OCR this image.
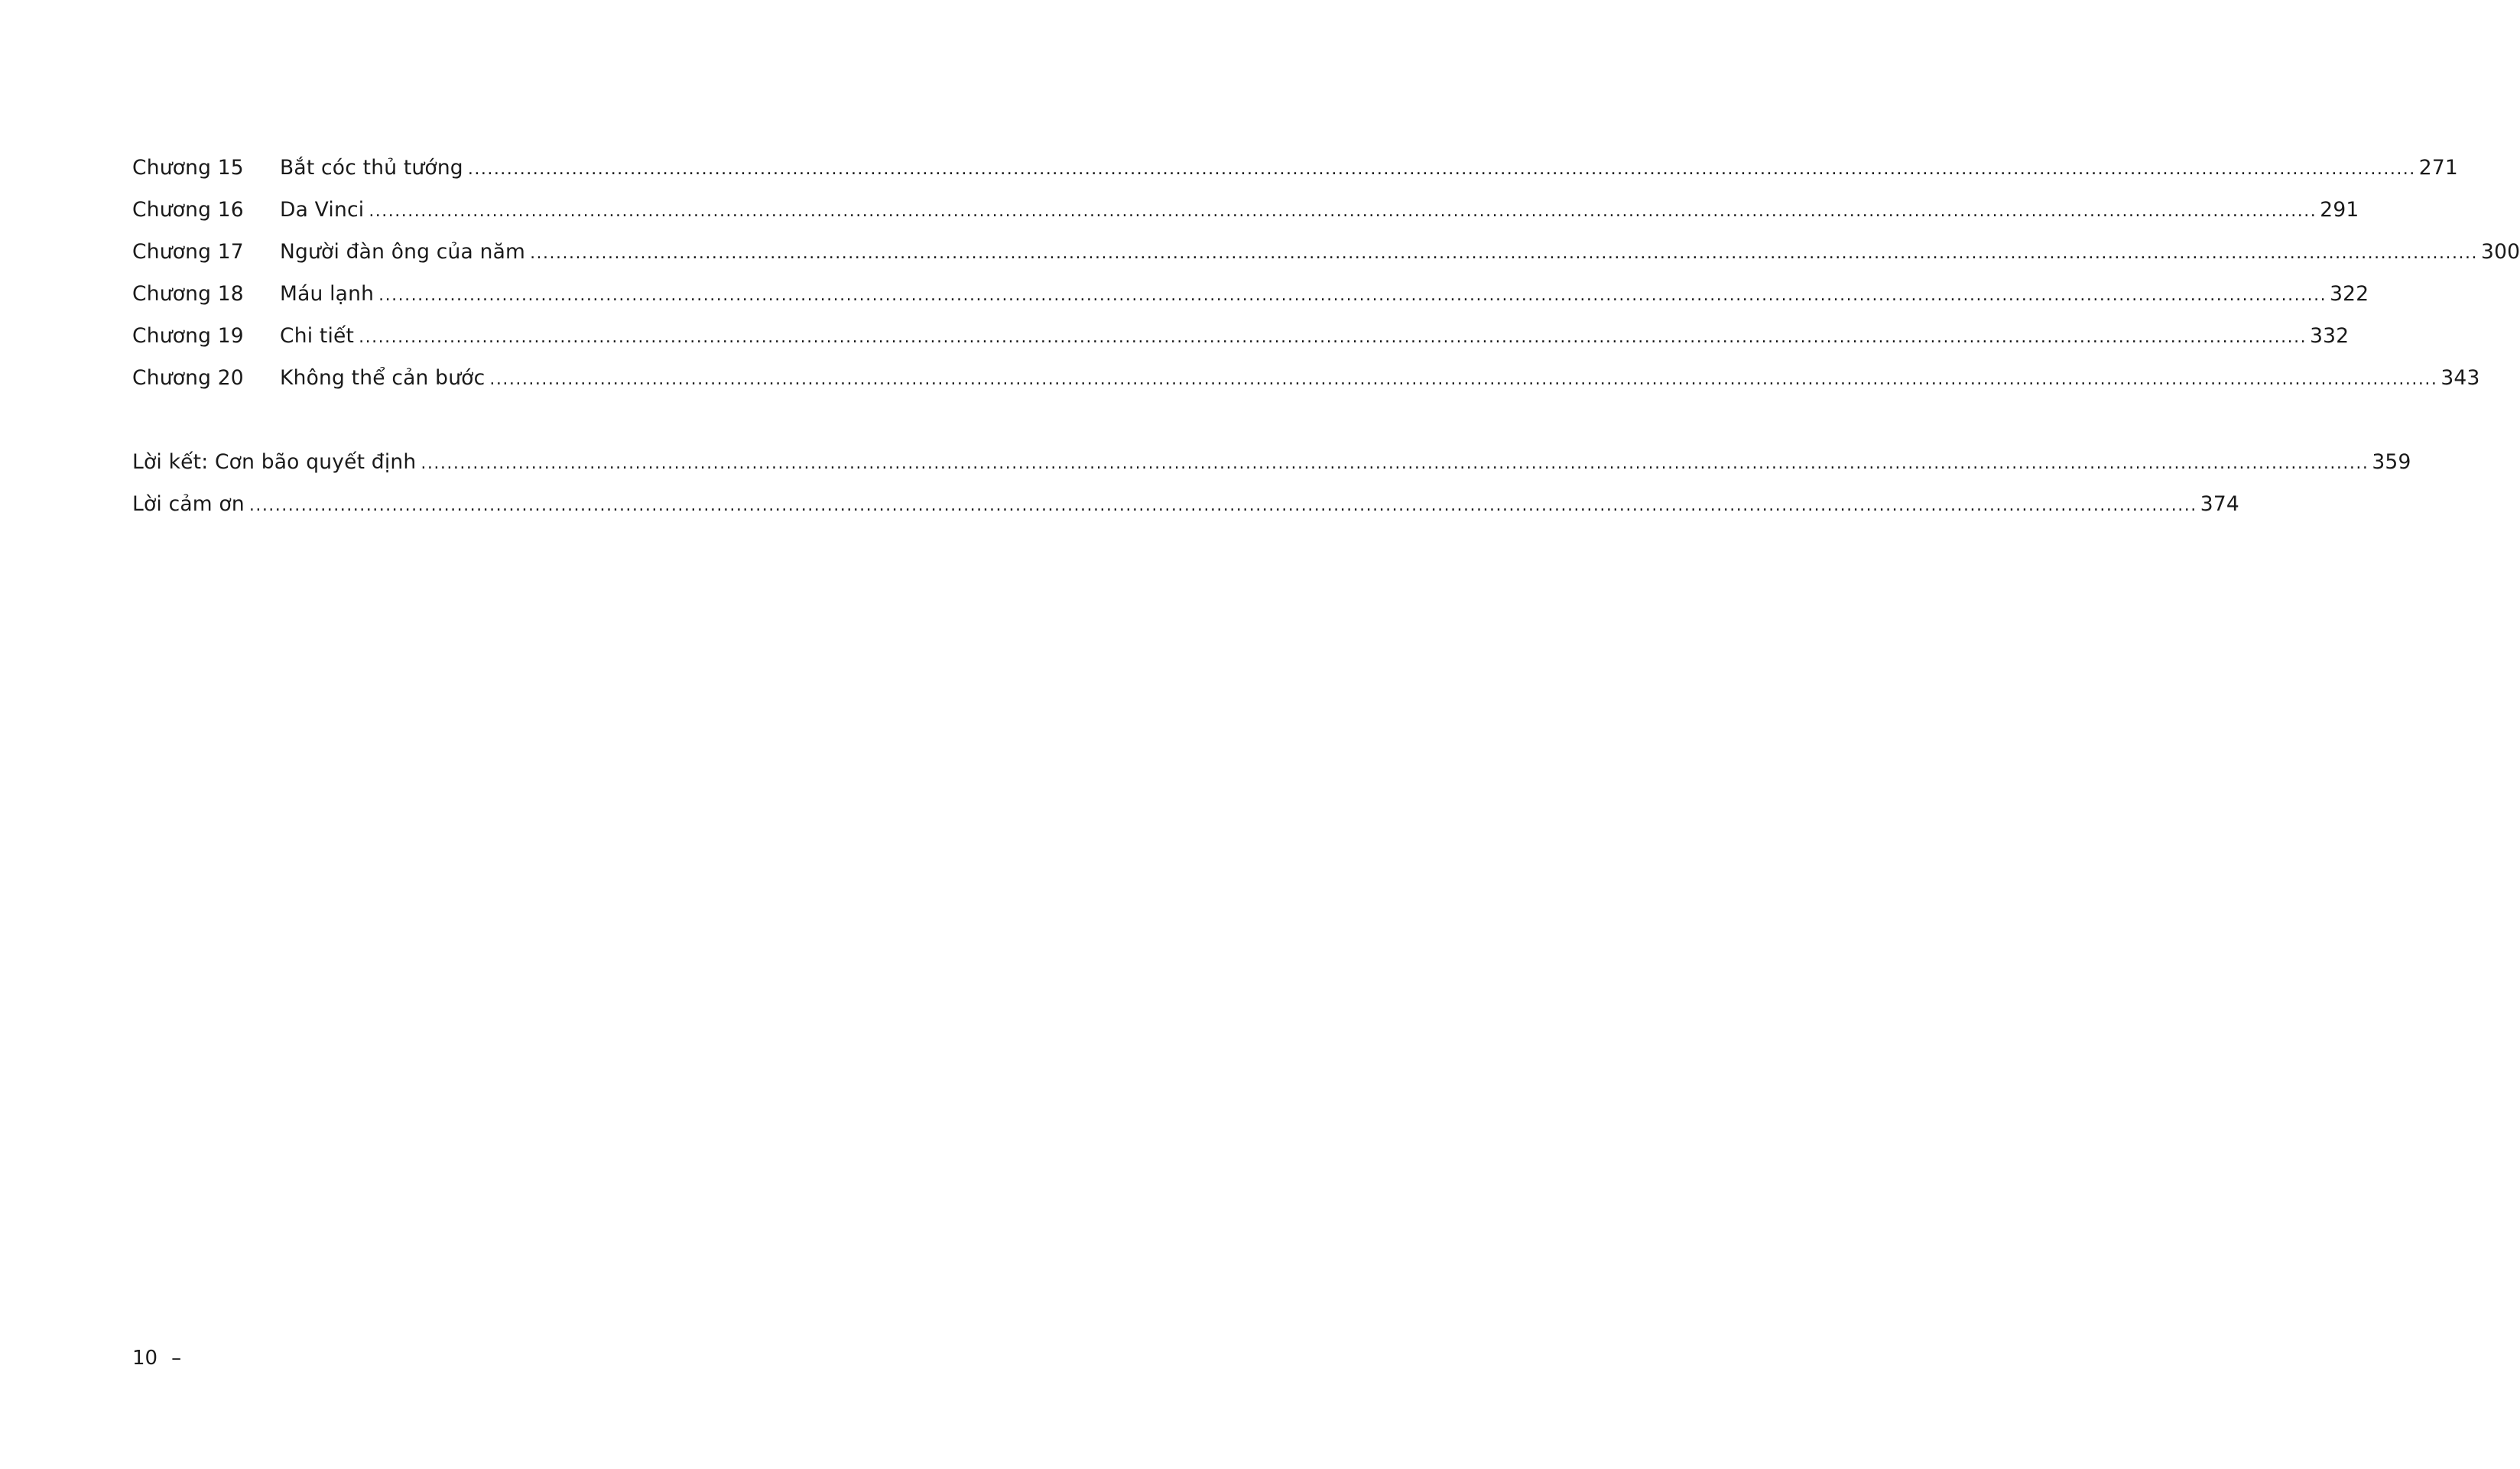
Chương 15	Bắt cóc thủ tướng ............................................................................................................................................................................................................................................................................................................ 271
Chương 16	Da Vinci ............................................................................................................................................................................................................................................................................................................ 291
Chương 17	Người đàn ông của năm ............................................................................................................................................................................................................................................................................................................ 300
Chương 18	Máu lạnh ............................................................................................................................................................................................................................................................................................................ 322
Chương 19	Chi tiết ............................................................................................................................................................................................................................................................................................................ 332
Chương 20	Không thể cản bước ............................................................................................................................................................................................................................................................................................................ 343
Lời kết: Cơn bão quyết định ............................................................................................................................................................................................................................................................................................................ 359
Lời cảm ơn ............................................................................................................................................................................................................................................................................................................ 374
10 –
